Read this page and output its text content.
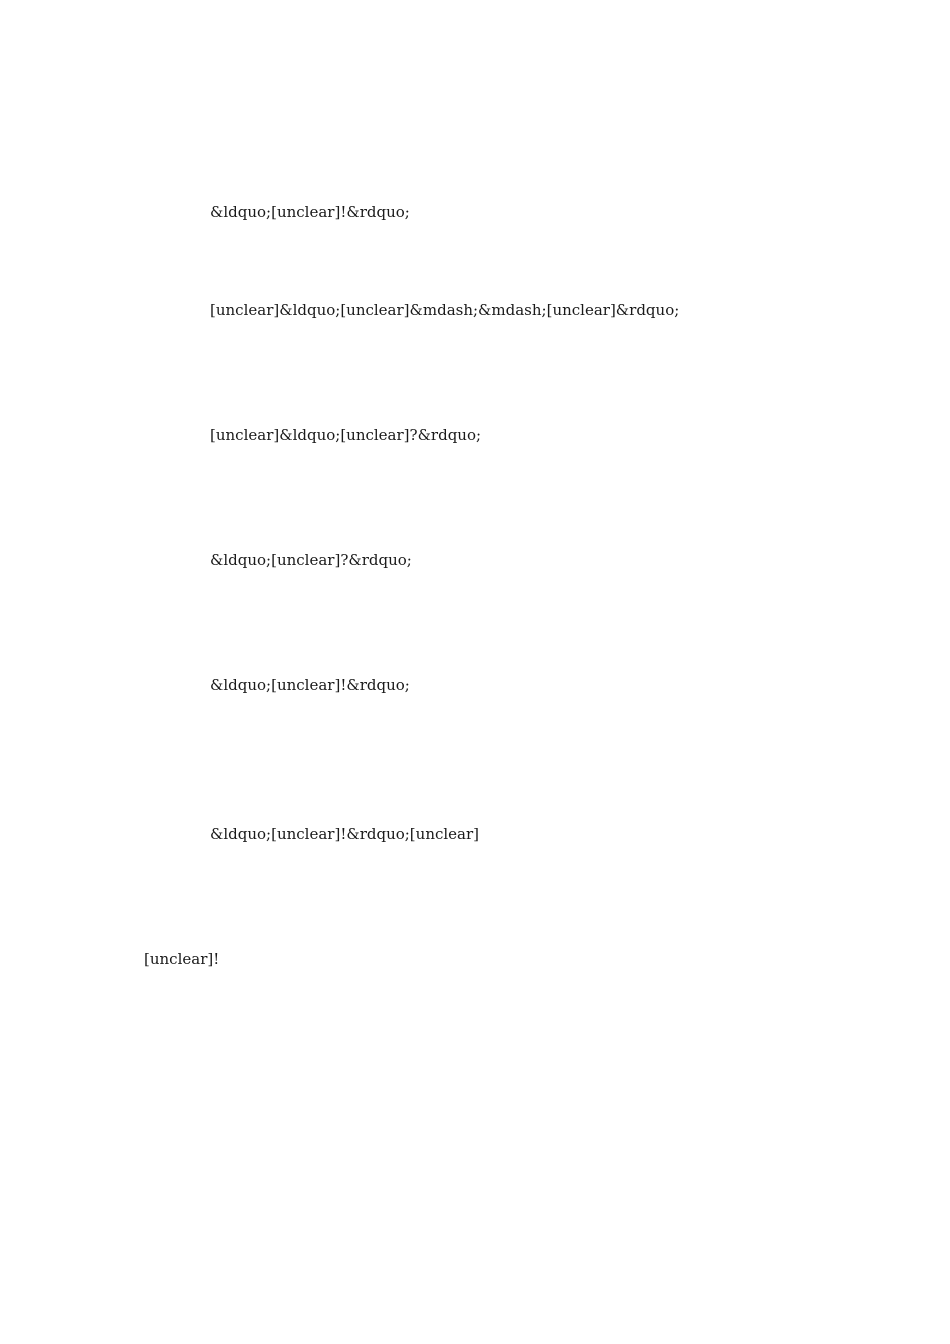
&ldquo;[unclear]!&rdquo;

[unclear]&ldquo;[unclear]&mdash;&mdash;[unclear]&rdquo;

[unclear]&ldquo;[unclear]?&rdquo;

&ldquo;[unclear]?&rdquo;

&ldquo;[unclear]!&rdquo;

&ldquo;[unclear]!&rdquo;[unclear]

[unclear]!
